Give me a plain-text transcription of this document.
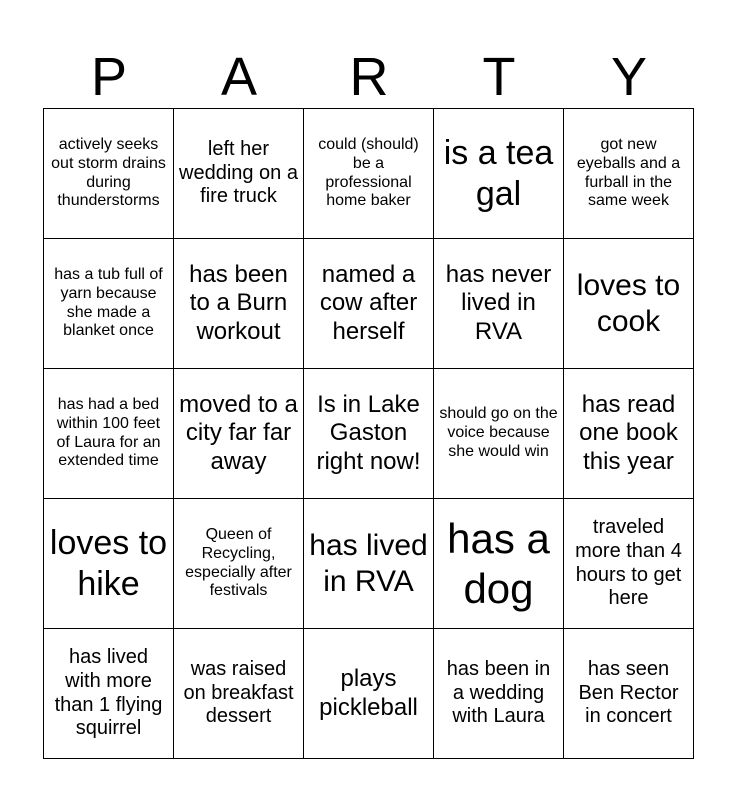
P	A	R	T	Y
actively seeks out storm drains during thunderstorms	left her wedding on a fire truck	could (should) be a professional home baker	is a tea gal	got new eyeballs and a furball in the same week
has a tub full of yarn because she made a blanket once	has been to a Burn workout	named a cow after herself	has never lived in RVA	loves to cook
has had a bed within 100 feet of Laura for an extended time	moved to a city far far away	Is in Lake Gaston right now!	should go on the voice because she would win	has read one book this year
loves to hike	Queen of Recycling, especially after festivals	has lived in RVA	has a dog	traveled more than 4 hours to get here
has lived with more than 1 flying squirrel	was raised on breakfast dessert	plays pickleball	has been in a wedding with Laura	has seen Ben Rector in concert
